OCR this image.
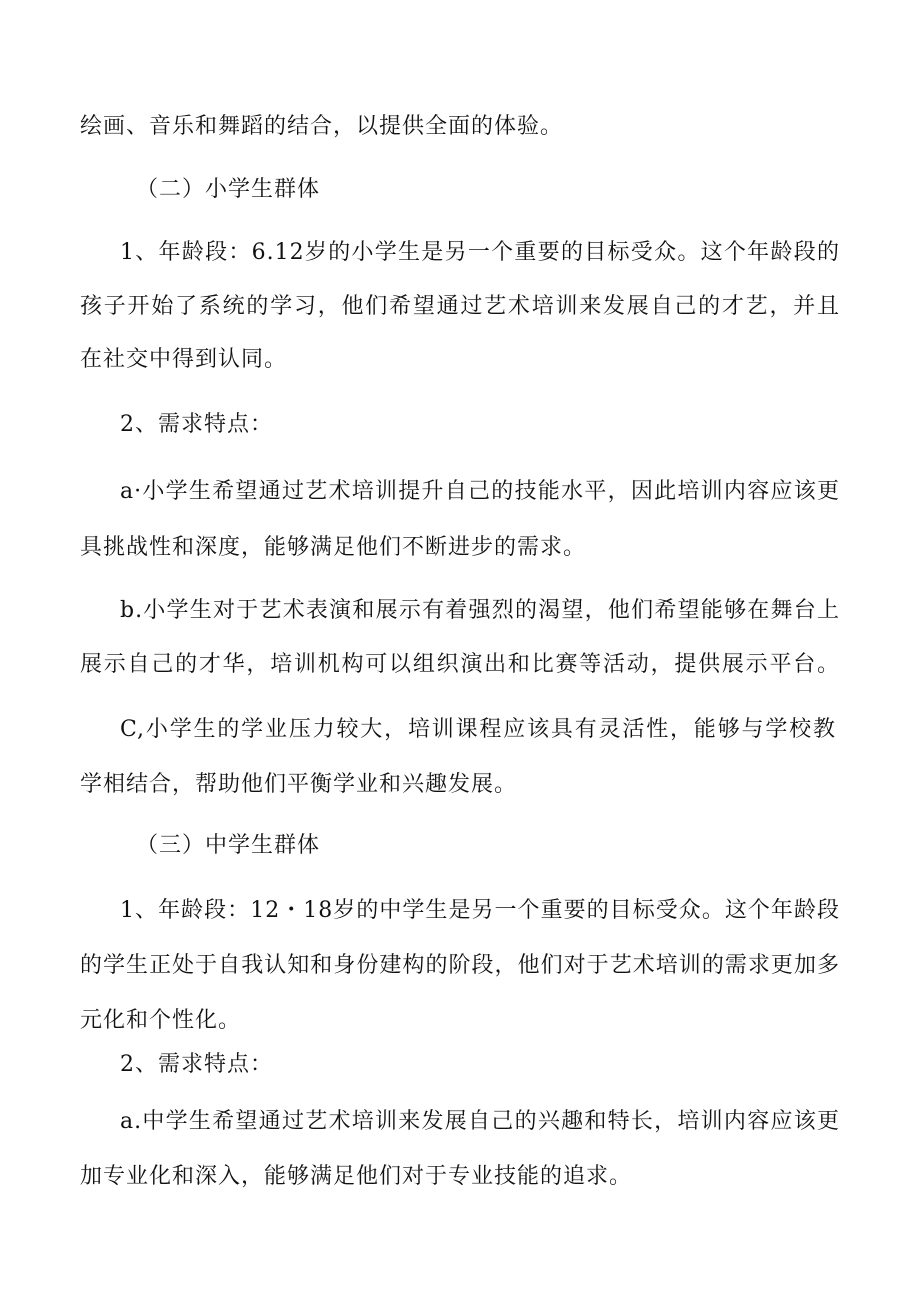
绘画、音乐和舞蹈的结合，以提供全面的体验。
（二）小学生群体
1、年龄段：6.12岁的小学生是另一个重要的目标受众。这个年龄段的
孩子开始了系统的学习，他们希望通过艺术培训来发展自己的才艺，并且
在社交中得到认同。
2、需求特点：
a·小学生希望通过艺术培训提升自己的技能水平，因此培训内容应该更
具挑战性和深度，能够满足他们不断进步的需求。
b.小学生对于艺术表演和展示有着强烈的渴望，他们希望能够在舞台上
展示自己的才华，培训机构可以组织演出和比赛等活动，提供展示平台。
C,小学生的学业压力较大，培训课程应该具有灵活性，能够与学校教
学相结合，帮助他们平衡学业和兴趣发展。
（三）中学生群体
1、年龄段：12・18岁的中学生是另一个重要的目标受众。这个年龄段
的学生正处于自我认知和身份建构的阶段，他们对于艺术培训的需求更加多
元化和个性化。
2、需求特点：
a.中学生希望通过艺术培训来发展自己的兴趣和特长，培训内容应该更
加专业化和深入，能够满足他们对于专业技能的追求。
